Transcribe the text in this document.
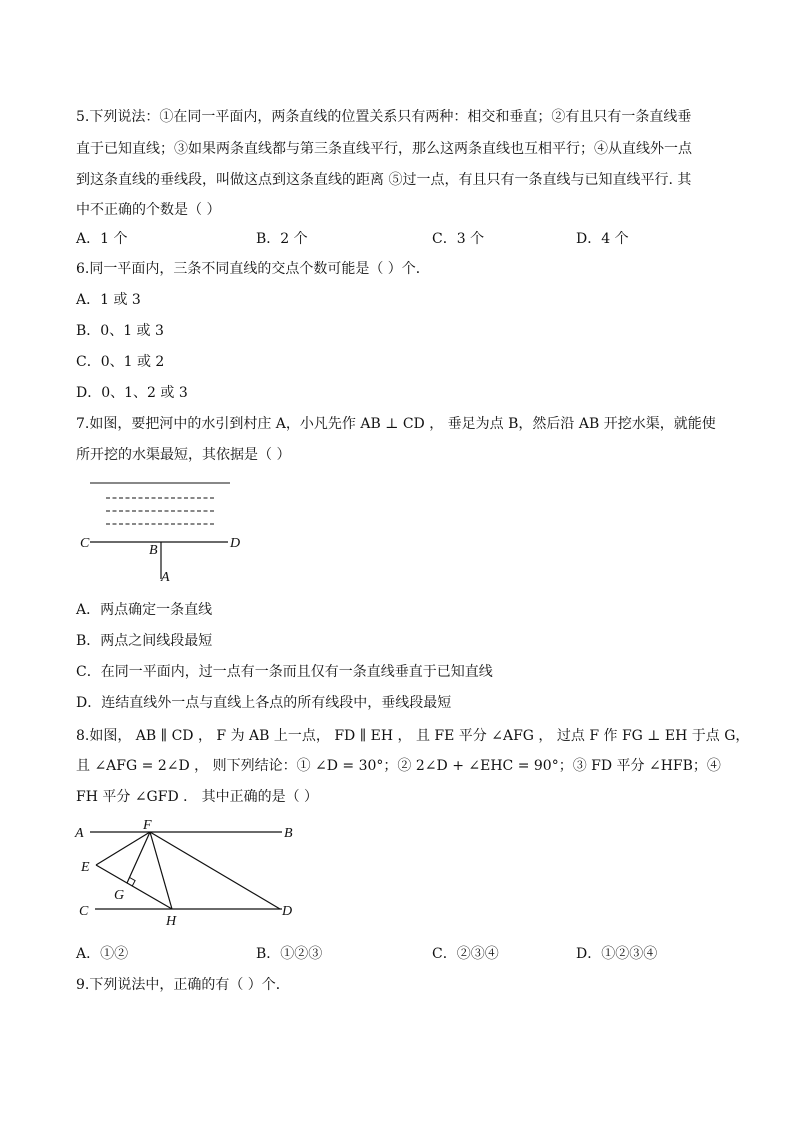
5.下列说法：①在同一平面内，两条直线的位置关系只有两种：相交和垂直；②有且只有一条直线垂
直于已知直线；③如果两条直线都与第三条直线平行，那么这两条直线也互相平行；④从直线外一点
到这条直线的垂线段，叫做这点到这条直线的距离 ⑤过一点，有且只有一条直线与已知直线平行. 其
中不正确的个数是（ ）
A．1 个	B．2 个	C．3 个	D．4 个
6.同一平面内，三条不同直线的交点个数可能是（ ）个．
A．1 或 3
B．0、1 或 3
C．0、1 或 2
D．0、1、2 或 3
7.如图，要把河中的水引到村庄 A，小凡先作 AB ⊥ CD ， 垂足为点 B，然后沿 AB 开挖水渠，就能使
所开挖的水渠最短，其依据是（ ）
C	B	D
A
A．两点确定一条直线
B．两点之间线段最短
C．在同一平面内，过一点有一条而且仅有一条直线垂直于已知直线
D．连结直线外一点与直线上各点的所有线段中，垂线段最短
8.如图， AB ∥ CD ， F 为 AB 上一点， FD ∥ EH ， 且 FE 平分 ∠AFG ， 过点 F 作 FG ⊥ EH 于点 G，
且 ∠AFG = 2∠D ， 则下列结论：① ∠D = 30°；② 2∠D + ∠EHC = 90°；③ FD 平分 ∠HFB；④
FH 平分 ∠GFD ． 其中正确的是（ ）
A
F
B
E
G
C
H
D
A．①②	B．①②③	C．②③④	D．①②③④
9.下列说法中，正确的有（ ）个．
